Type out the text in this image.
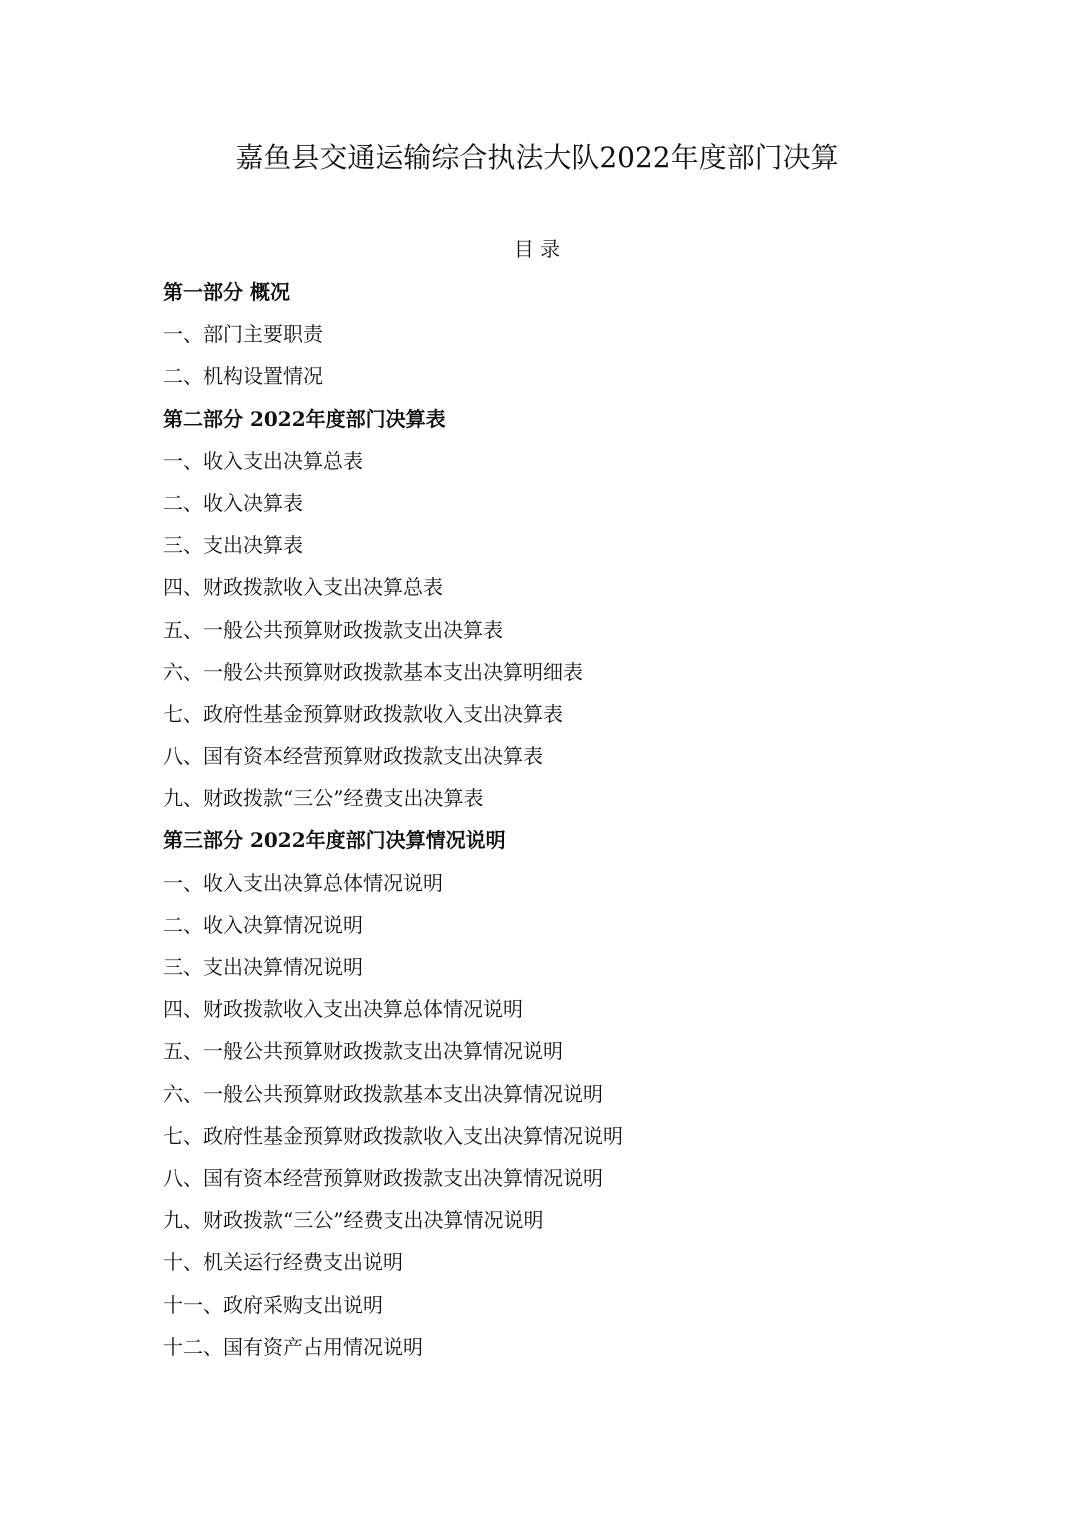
嘉鱼县交通运输综合执法大队2022年度部门决算
目 录
第一部分 概况
一、部门主要职责
二、机构设置情况
第二部分 2022年度部门决算表
一、收入支出决算总表
二、收入决算表
三、支出决算表
四、财政拨款收入支出决算总表
五、一般公共预算财政拨款支出决算表
六、一般公共预算财政拨款基本支出决算明细表
七、政府性基金预算财政拨款收入支出决算表
八、国有资本经营预算财政拨款支出决算表
九、财政拨款“三公”经费支出决算表
第三部分 2022年度部门决算情况说明
一、收入支出决算总体情况说明
二、收入决算情况说明
三、支出决算情况说明
四、财政拨款收入支出决算总体情况说明
五、一般公共预算财政拨款支出决算情况说明
六、一般公共预算财政拨款基本支出决算情况说明
七、政府性基金预算财政拨款收入支出决算情况说明
八、国有资本经营预算财政拨款支出决算情况说明
九、财政拨款“三公”经费支出决算情况说明
十、机关运行经费支出说明
十一、政府采购支出说明
十二、国有资产占用情况说明
